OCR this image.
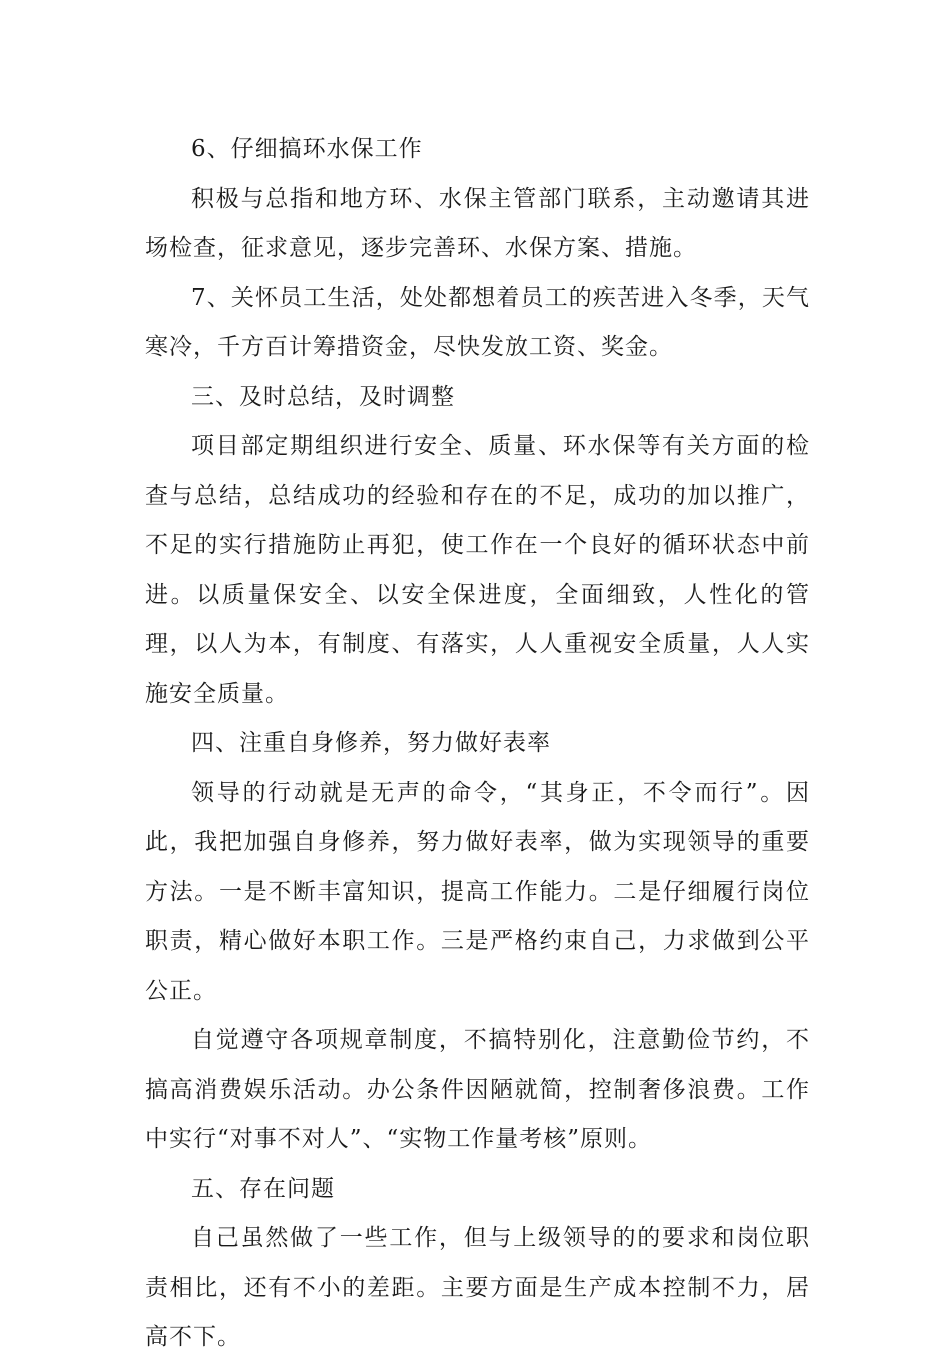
6、仔细搞环水保工作

积极与总指和地方环、水保主管部门联系，主动邀请其进场检查，征求意见，逐步完善环、水保方案、措施。

7、关怀员工生活，处处都想着员工的疾苦进入冬季，天气寒冷，千方百计筹措资金，尽快发放工资、奖金。

三、及时总结，及时调整

项目部定期组织进行安全、质量、环水保等有关方面的检查与总结，总结成功的经验和存在的不足，成功的加以推广，不足的实行措施防止再犯，使工作在一个良好的循环状态中前进。以质量保安全、以安全保进度，全面细致，人性化的管理，以人为本，有制度、有落实，人人重视安全质量，人人实施安全质量。

四、注重自身修养，努力做好表率

领导的行动就是无声的命令，“其身正，不令而行”。因此，我把加强自身修养，努力做好表率，做为实现领导的重要方法。一是不断丰富知识，提高工作能力。二是仔细履行岗位职责，精心做好本职工作。三是严格约束自己，力求做到公平公正。

自觉遵守各项规章制度，不搞特别化，注意勤俭节约，不搞高消费娱乐活动。办公条件因陋就简，控制奢侈浪费。工作中实行“对事不对人”、“实物工作量考核”原则。

五、存在问题

自己虽然做了一些工作，但与上级领导的的要求和岗位职责相比，还有不小的差距。主要方面是生产成本控制不力，居高不下。
